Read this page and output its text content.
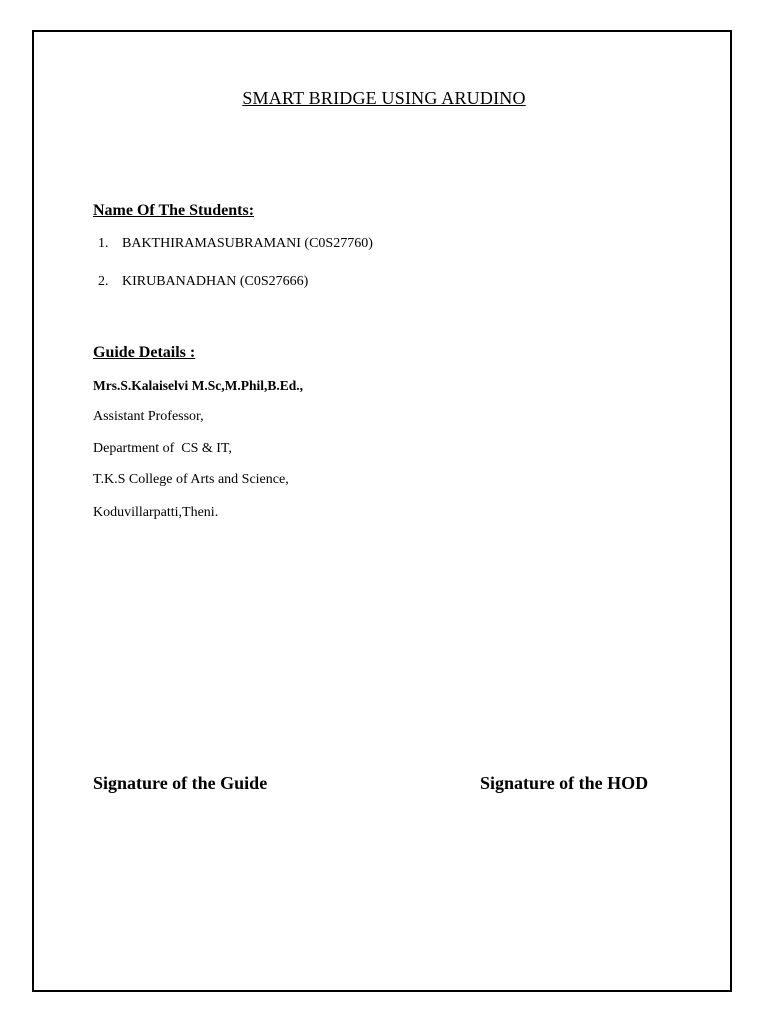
SMART BRIDGE USING ARUDINO

Name Of The Students:

1. BAKTHIRAMASUBRAMANI (C0S27760)
2. KIRUBANADHAN (C0S27666)

Guide Details :

Mrs.S.Kalaiselvi M.Sc,M.Phil,B.Ed.,

Assistant Professor,

Department of  CS & IT,

T.K.S College of Arts and Science,

Koduvillarpatti,Theni.

Signature of the Guide	Signature of the HOD
